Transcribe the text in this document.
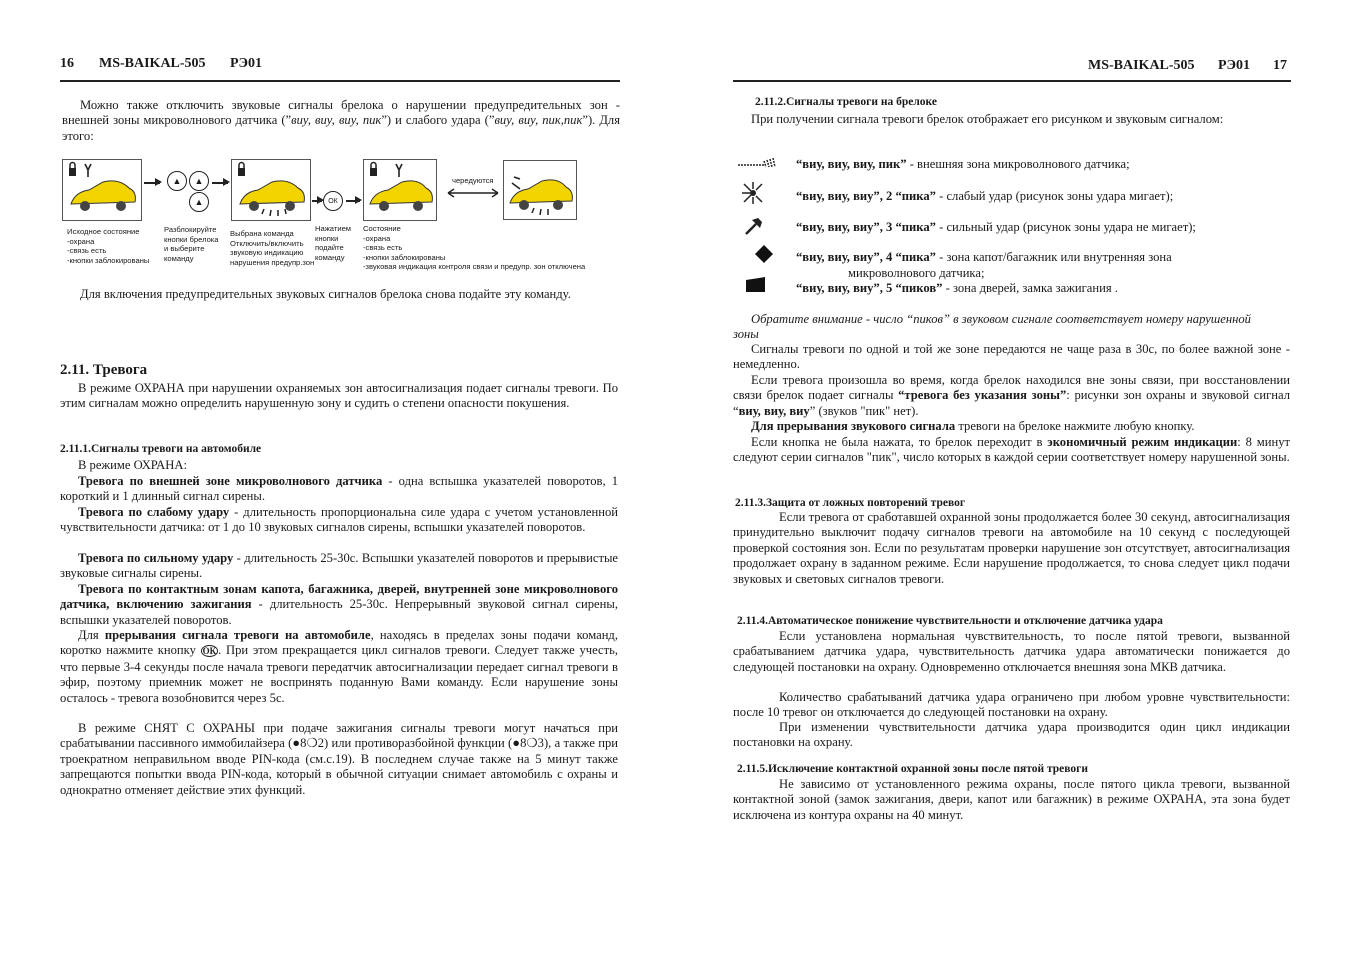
16 MS-BAIKAL-505 РЭ01

Можно также отключить звуковые сигналы брелока о нарушении предупредительных зон - внешней зоны микроволнового датчика (”виу, виу, виу, пик”) и слабого удара (”виу, виу, пик,пик”). Для этого:

▲	▲
▲	ОК
чередуются
Исходное состояние
-охрана
-связь есть
-кнопки заблокированы
Разблокируйте
кнопки брелока
и выберите
команду
Выбрана команда
Отключить/включить
звуковую индикацию
нарушения предупр.зон
Нажатием
кнопки
подайте
команду
Состояние
-охрана
-связь есть
-кнопки заблокированы
-звуковая индикация контроля связи и предупр. зон отключена

Для включения предупредительных звуковых сигналов брелока снова подайте эту команду.

2.11. Тревога

В режиме ОХРАНА при нарушении охраняемых зон автосигнализация подает сигналы тревоги. По этим сигналам можно определить нарушенную зону и судить о степени опасности покушения.

2.11.1.Сигналы тревоги на автомобиле

В режиме ОХРАНА:

Тревога по внешней зоне микроволнового датчика - одна вспышка указателей поворотов, 1 короткий и 1 длинный сигнал сирены.

Тревога по слабому удару - длительность пропорциональна силе удара с учетом установленной чувствительности датчика: от 1 до 10 звуковых сигналов сирены, вспышки указателей поворотов.

Тревога по сильному удару - длительность 25-30с. Вспышки указателей поворотов и прерывистые звуковые сигналы сирены.

Тревога по контактным зонам капота, багажника, дверей, внутренней зоне микроволнового датчика, включению зажигания - длительность 25-30с. Непрерывный звуковой сигнал сирены, вспышки указателей поворотов.

Для прерывания сигнала тревоги на автомобиле, находясь в пределах зоны подачи команд, коротко нажмите кнопку ОК . При этом прекращается цикл сигналов тревоги. Следует также учесть, что первые 3-4 секунды после начала тревоги передатчик автосигнализации передает сигнал тревоги в эфир, поэтому приемник может не воспринять поданную Вами команду. Если нарушение зоны осталось - тревога возобновится через 5с.

В режиме СНЯТ С ОХРАНЫ при подаче зажигания сигналы тревоги могут начаться при срабатывании пассивного иммобилайзера (●8❍2) или противоразбойной функции (●8❍3), а также при троекратном неправильном вводе PIN-кода (см.с.19). В последнем случае также на 5 минут также запрещаются попытки ввода PIN-кода, который в обычной ситуации снимает автомобиль с охраны и однократно отменяет действие этих функций.

MS-BAIKAL-505 РЭ01 17
2.11.2.Сигналы тревоги на брелоке

При получении сигнала тревоги брелок отображает его рисунком и звуковым сигналом:

“виу, виу, виу, пик” - внешняя зона микроволнового датчика;
“виу, виу, виу”, 2 “пика” - слабый удар (рисунок зоны удара мигает);
“виу, виу, виу”, 3 “пика” - сильный удар (рисунок зоны удара не мигает);
“виу, виу, виу”, 4 “пика” - зона капот/багажник или внутренняя зона
микроволнового датчика;
“виу, виу, виу”, 5 “пиков” - зона дверей, замка зажигания .

Обратите внимание - число “пиков” в звуковом сигнале соответствует номеру нарушенной зоны

Сигналы тревоги по одной и той же зоне передаются не чаще раза в 30с, по более важной зоне - немедленно.

Если тревога произошла во время, когда брелок находился вне зоны связи, при восстановлении связи брелок подает сигналы “тревога без указания зоны”: рисунки зон охраны и звуковой сигнал “виу, виу, виу” (звуков "пик" нет).

Для прерывания звукового сигнала тревоги на брелоке нажмите любую кнопку.

Если кнопка не была нажата, то брелок переходит в экономичный режим индикации: 8 минут следуют серии сигналов "пик", число которых в каждой серии соответствует номеру нарушенной зоны.

2.11.3.Защита от ложных повторений тревог

Если тревога от сработавшей охранной зоны продолжается более 30 секунд, автосигнализация принудительно выключит подачу сигналов тревоги на автомобиле на 10 секунд с последующей проверкой состояния зон. Если по результатам проверки нарушение зон отсутствует, автосигнализация продолжает охрану в заданном режиме. Если нарушение продолжается, то снова следует цикл подачи звуковых и световых сигналов тревоги.

2.11.4.Автоматическое понижение чувствительности и отключение датчика удара

Если установлена нормальная чувствительность, то после пятой тревоги, вызванной срабатыванием датчика удара, чувствительность датчика удара автоматически понижается до следующей постановки на охрану. Одновременно отключается внешняя зона МКВ датчика.

Количество срабатываний датчика удара ограничено при любом уровне чувствительности: после 10 тревог он отключается до следующей постановки на охрану.

При изменении чувствительности датчика удара производится один цикл индикации постановки на охрану.

2.11.5.Исключение контактной охранной зоны после пятой тревоги

Не зависимо от установленного режима охраны, после пятого цикла тревоги, вызванной контактной зоной (замок зажигания, двери, капот или багажник) в режиме ОХРАНА, эта зона будет исключена из контура охраны на 40 минут.
